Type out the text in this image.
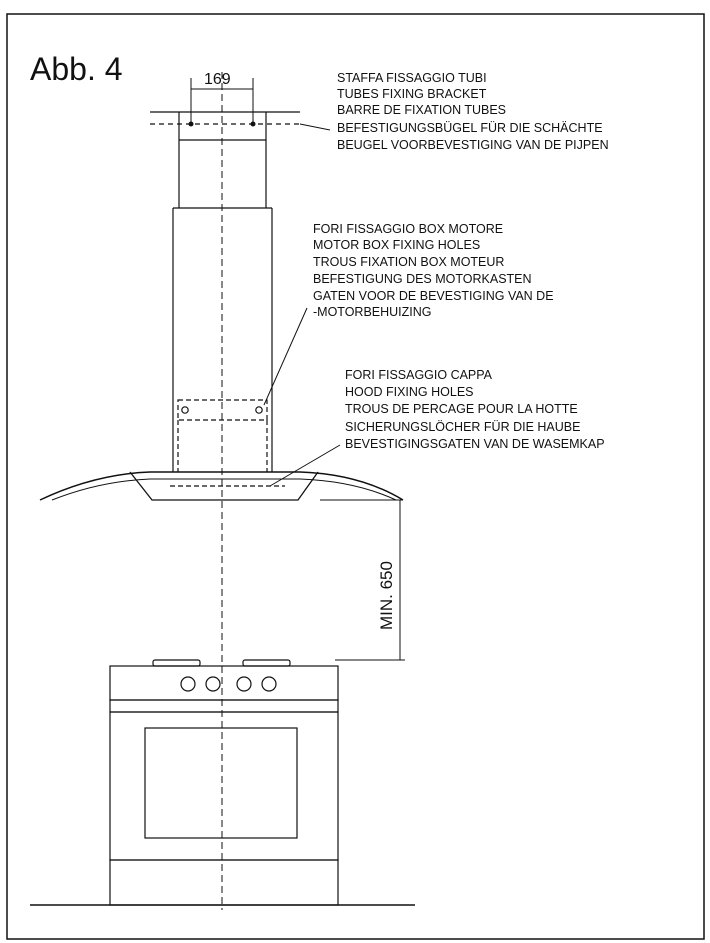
Abb. 4	169
MIN. 650
STAFFA FISSAGGIO TUBI
TUBES FIXING BRACKET
BARRE DE FIXATION TUBES
BEFESTIGUNGSBÜGEL FÜR DIE SCHÄCHTE
BEUGEL VOORBEVESTIGING VAN DE PIJPEN
FORI FISSAGGIO BOX MOTORE
MOTOR BOX FIXING HOLES
TROUS FIXATION BOX MOTEUR
BEFESTIGUNG DES MOTORKASTEN
GATEN VOOR DE BEVESTIGING VAN DE
-MOTORBEHUIZING
FORI FISSAGGIO CAPPA
HOOD FIXING HOLES
TROUS DE PERCAGE POUR LA HOTTE
SICHERUNGSLÖCHER FÜR DIE HAUBE
BEVESTIGINGSGATEN VAN DE WASEMKAP
